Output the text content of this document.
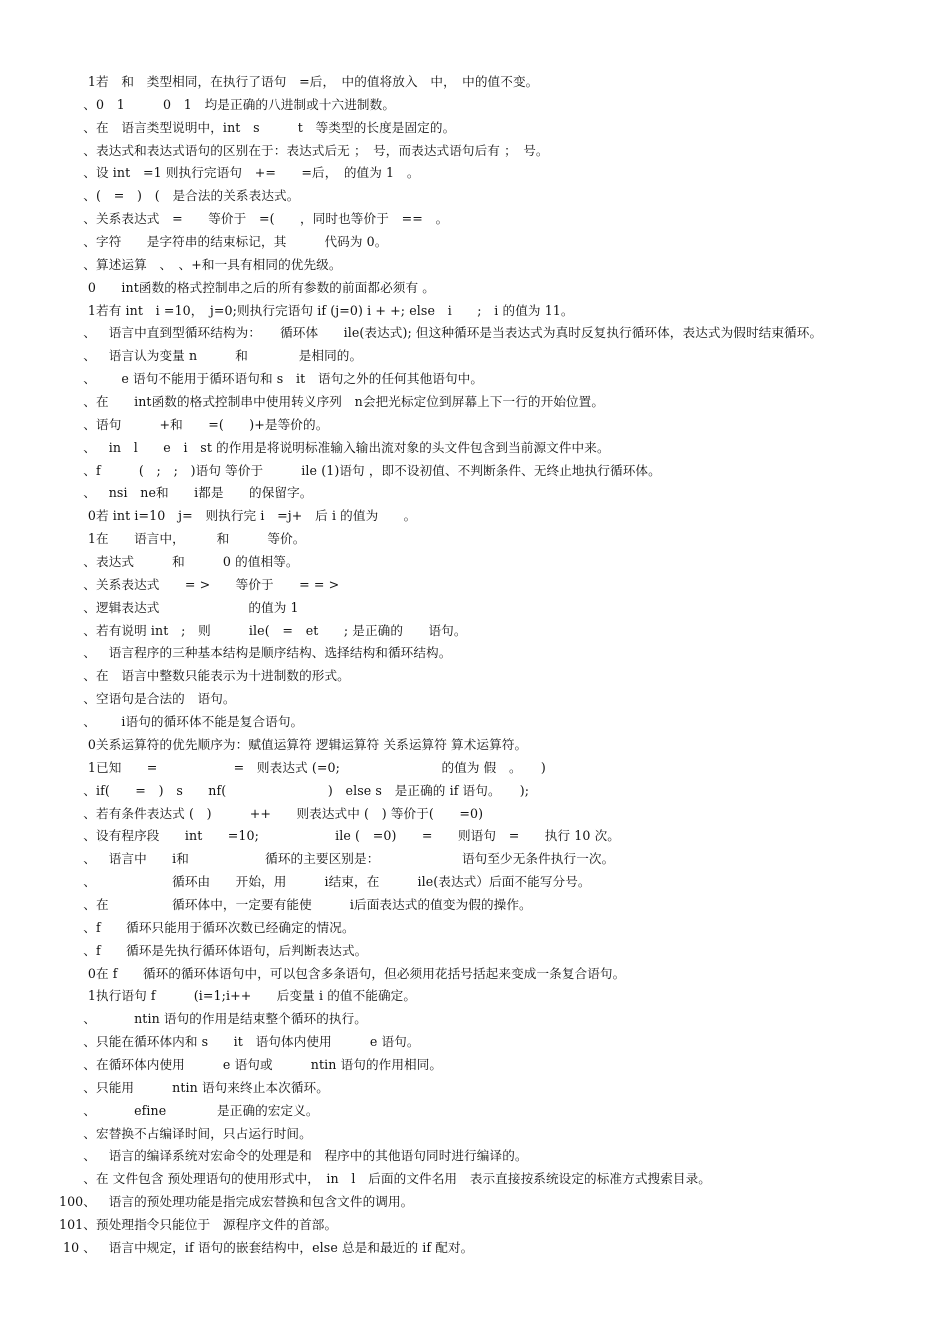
1若　和　类型相同，在执行了语句　=后，　中的值将放入　中，　中的值不变。
、0　1　　　0　1　均是正确的八进制或十六进制数。
、在　语言类型说明中，int　s　　　t　等类型的长度是固定的。
、表达式和表达式语句的区别在于：表达式后无 ；　号，而表达式语句后有 ；　号。
、设 int　=1 则执行完语句　+=　　=后，　的值为 1　。
、(　=　)　(　是合法的关系表达式。
、关系表达式　=　　等价于　=(　　，同时也等价于　==　。
、字符　　是字符串的结束标记，其　　　代码为 0。
、算述运算　、　、+和一具有相同的优先级。
0　　int函数的格式控制串之后的所有参数的前面都必须有 。
1若有 int　i =10，　j=0;则执行完语句 if (j=0) i + +; else　i　　;　i 的值为 11。
、　语言中直到型循环结构为：　　循环体　　ile(表达式); 但这种循环是当表达式为真时反复执行循环体，表达式为假时结束循环。
、　语言认为变量 n　　　和　　　　是相同的。
、　　e 语句不能用于循环语句和 s　it　语句之外的任何其他语句中。
、在　　int函数的格式控制串中使用转义序列　n会把光标定位到屏幕上下一行的开始位置。
、语句　　　+和　　=(　　)+是等价的。
、　in　l　　e　i　st 的作用是将说明标准输入输出流对象的头文件包含到当前源文件中来。
、f　　　(　;　;　)语句 等价于　　　ile (1)语句 ，即不设初值、不判断条件、无终止地执行循环体。
、　nsi　ne和　　i都是　　的保留字。
0若 int i=10　j=　则执行完 i　=j+　后 i 的值为　　。
1在　　语言中，　　　和　　　等价。
、表达式　　　和　　　0 的值相等。
、关系表达式　　= >　　等价于　　= = >
、逻辑表达式　　　　　　　的值为 1
、若有说明 int　;　则　　　ile(　=　et　　; 是正确的　　语句。
、　语言程序的三种基本结构是顺序结构、选择结构和循环结构。
、在　语言中整数只能表示为十进制数的形式。
、空语句是合法的　语句。
、　　i语句的循环体不能是复合语句。
0关系运算符的优先顺序为：赋值运算符 逻辑运算符 关系运算符 算术运算符。
1已知　　=　　　　　　=　则表达式 (=0;　　　　　　　　的值为 假　。　　)
、if(　　=　)　s　　nf(　　　　　　　　)　else s　是正确的 if 语句。　　);
、若有条件表达式 (　)　　　++　　则表达式中 (　) 等价于(　　=0)
、设有程序段　　int　　=10;　　　　　　ile (　=0)　　=　　则语句　=　　执行 10 次。
、　语言中　　i和　　　　　　循环的主要区别是：　　　　　　　语句至少无条件执行一次。
、　　　　　　循环由　　开始，用　　　i结束，在　　　ile(表达式）后面不能写分号。
、在　　　　　循环体中，一定要有能使　　　i后面表达式的值变为假的操作。
、f　　循环只能用于循环次数已经确定的情况。
、f　　循环是先执行循环体语句，后判断表达式。
0在 f　　循环的循环体语句中，可以包含多条语句，但必须用花括号括起来变成一条复合语句。
1执行语句 f　　　(i=1;i++　　后变量 i 的值不能确定。
、　　　ntin 语句的作用是结束整个循环的执行。
、只能在循环体内和 s　　it　语句体内使用　　　e 语句。
、在循环体内使用　　　e 语句或　　　ntin 语句的作用相同。
、只能用　　　ntin 语句来终止本次循环。
、　　　efine　　　　是正确的宏定义。
、宏替换不占编译时间，只占运行时间。
、　语言的编译系统对宏命令的处理是和　程序中的其他语句同时进行编译的。
、在 文件包含 预处理语句的使用形式中，　in　l　后面的文件名用　表示直接按系统设定的标准方式搜索目录。
100、　语言的预处理功能是指完成宏替换和包含文件的调用。
101、预处理指令只能位于　源程序文件的首部。
10 、　语言中规定，if 语句的嵌套结构中，else 总是和最近的 if 配对。
